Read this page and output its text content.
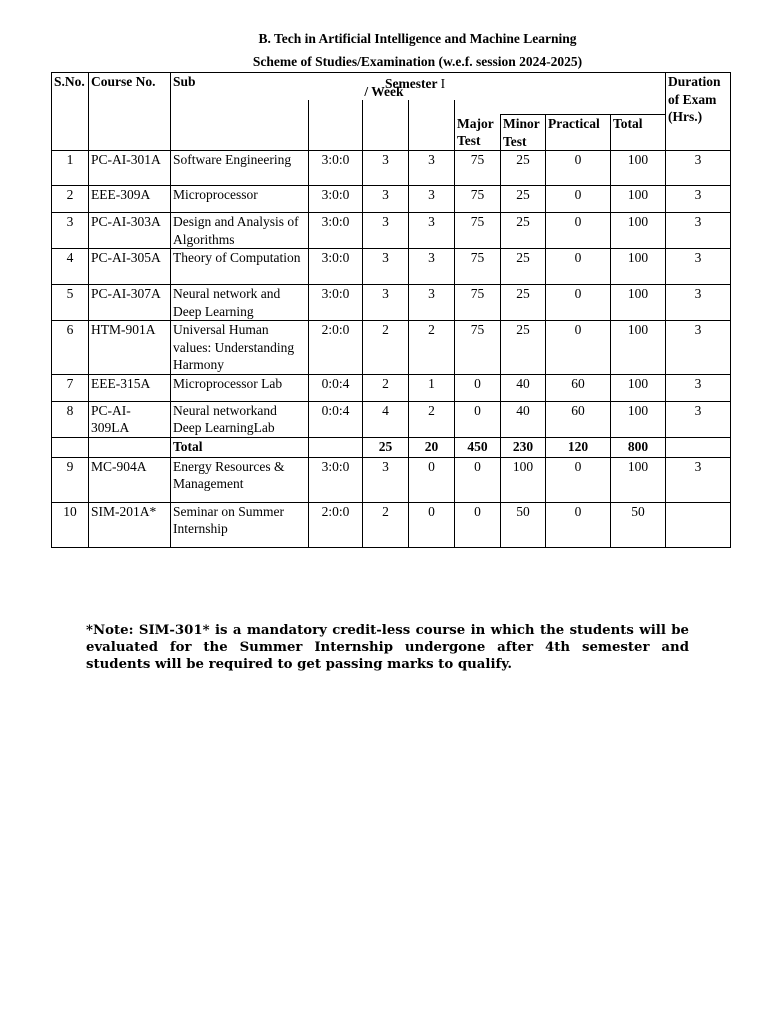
B. Tech in Artificial Intelligence and Machine Learning
Scheme of Studies/Examination (w.e.f. session 2024-2025)
S.No.	Course No.	Sub								Duration of Exam (Hrs.)
						Major Test	Minor Test	Practical	Total	
1	PC-AI-301A	Software Engineering	3:0:0	3	3	75	25	0	100	3
2	EEE-309A	Microprocessor	3:0:0	3	3	75	25	0	100	3
3	PC-AI-303A	Design and Analysis of Algorithms	3:0:0	3	3	75	25	0	100	3
4	PC-AI-305A	Theory of Computation	3:0:0	3	3	75	25	0	100	3
5	PC-AI-307A	Neural network and Deep Learning	3:0:0	3	3	75	25	0	100	3
6	HTM-901A	Universal Human values: Understanding Harmony	2:0:0	2	2	75	25	0	100	3
7	EEE-315A	Microprocessor Lab	0:0:4	2	1	0	40	60	100	3
8	PC-AI-309LA	Neural networkand Deep LearningLab	0:0:4	4	2	0	40	60	100	3
		Total		25	20	450	230	120	800	
9	MC-904A	Energy Resources & Management	3:0:0	3	0	0	100	0	100	3
10	SIM-201A*	Seminar on Summer Internship	2:0:0	2	0	0	50	0	50	
Semester I
/ Week
*Note: SIM-301* is a mandatory credit-less course in which the students will be evaluated for the Summer Internship undergone after 4th semester and students will be required to get passing marks to qualify.
